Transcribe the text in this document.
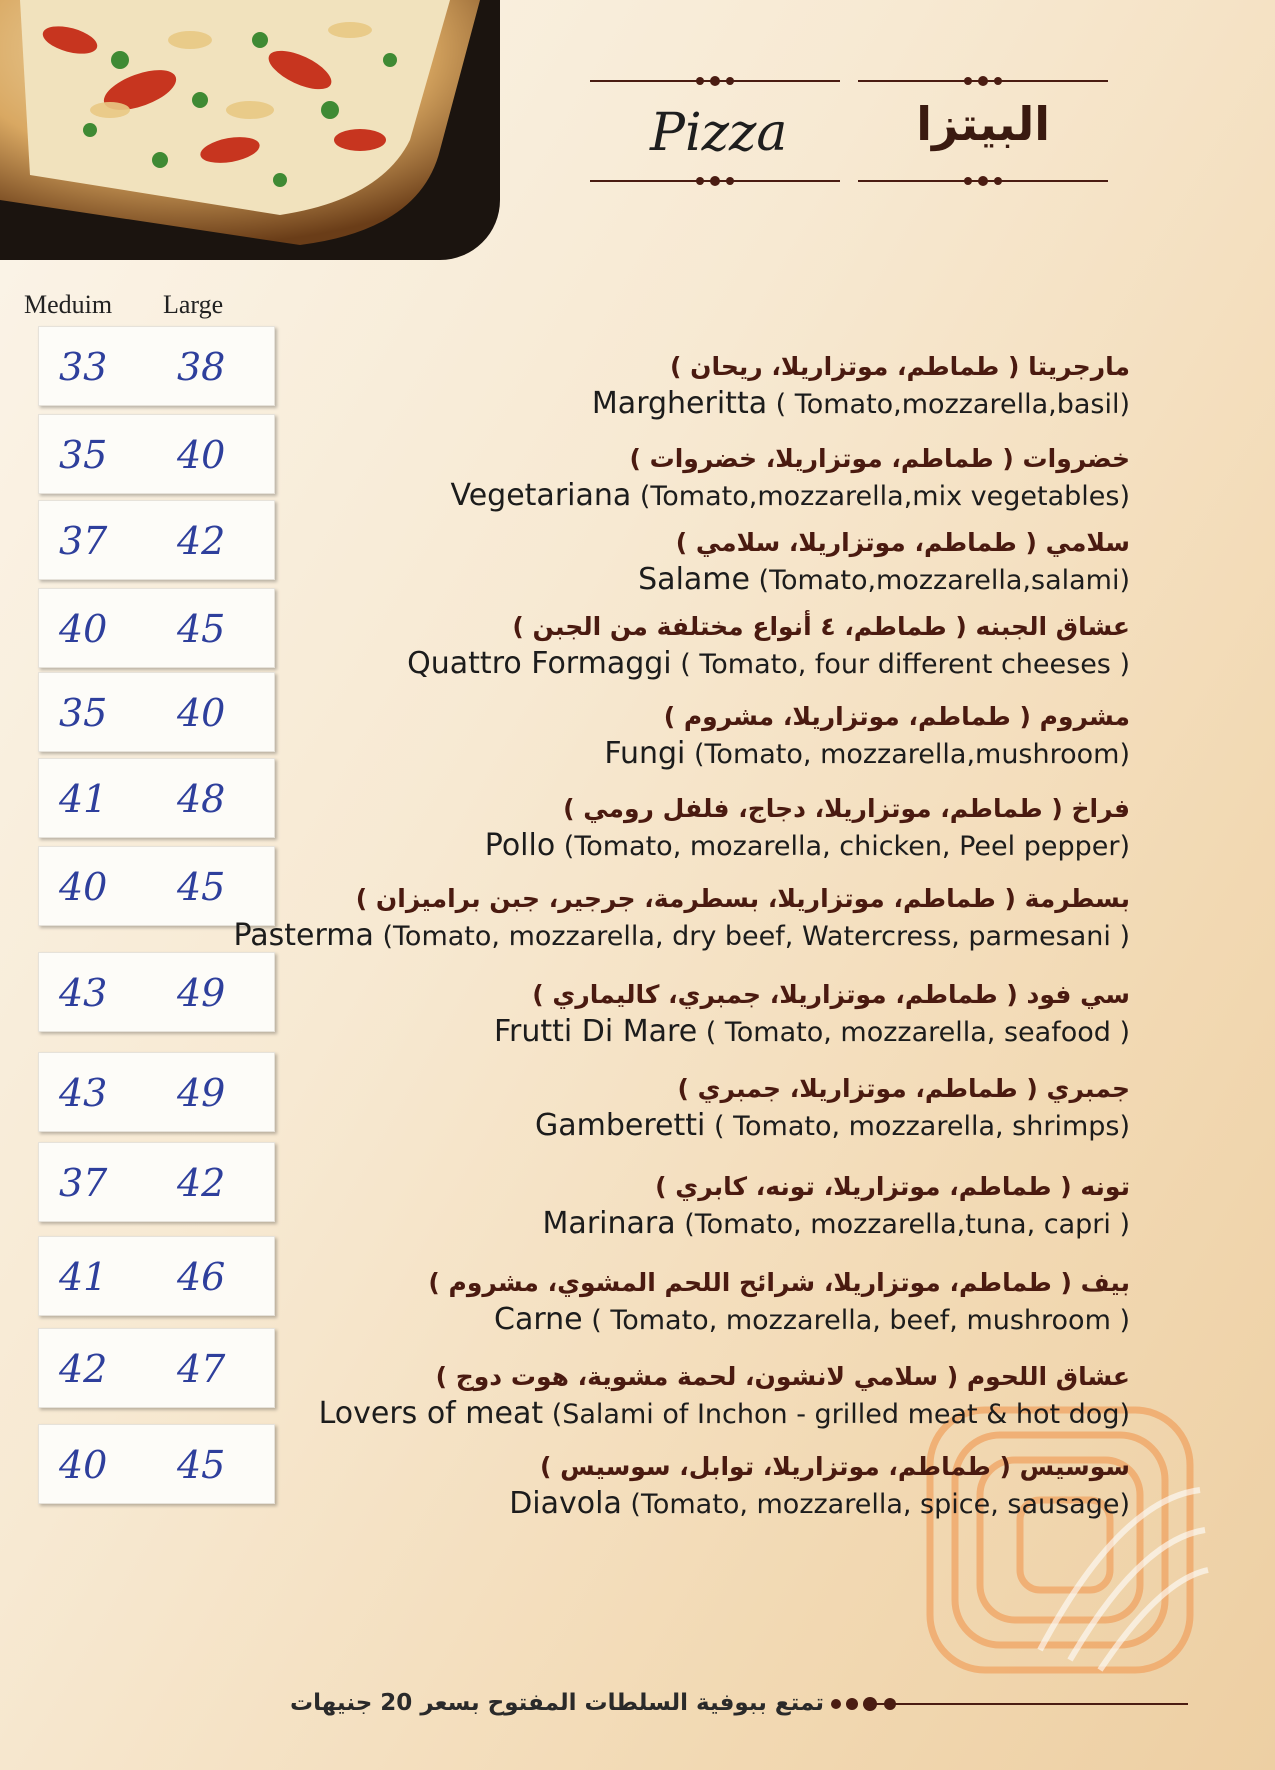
Pizza	البيتزا
Meduim Large
33 38
35 40
37 42
40 45
35 40
41 48
40 45
43 49
43 49
37 42
41 46
42 47
40 45
مارجريتا ( طماطم، موتزاريلا، ريحان )
Margheritta ( Tomato,mozzarella,basil)
خضروات ( طماطم، موتزاريلا، خضروات )
Vegetariana (Tomato,mozzarella,mix vegetables)
سلامي ( طماطم، موتزاريلا، سلامي )
Salame (Tomato,mozzarella,salami)
عشاق الجبنه ( طماطم، ٤ أنواع مختلفة من الجبن )
Quattro Formaggi ( Tomato, four different cheeses )
مشروم ( طماطم، موتزاريلا، مشروم )
Fungi (Tomato, mozzarella,mushroom)
فراخ ( طماطم، موتزاريلا، دجاج، فلفل رومي )
Pollo (Tomato, mozarella, chicken, Peel pepper)
بسطرمة ( طماطم، موتزاريلا، بسطرمة، جرجير، جبن براميزان )
Pasterma (Tomato, mozzarella, dry beef, Watercress, parmesani )
سي فود ( طماطم، موتزاريلا، جمبري، كاليماري )
Frutti Di Mare ( Tomato, mozzarella, seafood )
جمبري ( طماطم، موتزاريلا، جمبري )
Gamberetti ( Tomato, mozzarella, shrimps)
تونه ( طماطم، موتزاريلا، تونه، كابري )
Marinara (Tomato, mozzarella,tuna, capri )
بيف ( طماطم، موتزاريلا، شرائح اللحم المشوي، مشروم )
Carne ( Tomato, mozzarella, beef, mushroom )
عشاق اللحوم ( سلامي لانشون، لحمة مشوية، هوت دوج )
Lovers of meat (Salami of Inchon - grilled meat & hot dog)
سوسيس ( طماطم، موتزاريلا، توابل، سوسيس )
Diavola (Tomato, mozzarella, spice, sausage)
تمتع ببوفية السلطات المفتوح بسعر 20 جنيهات
